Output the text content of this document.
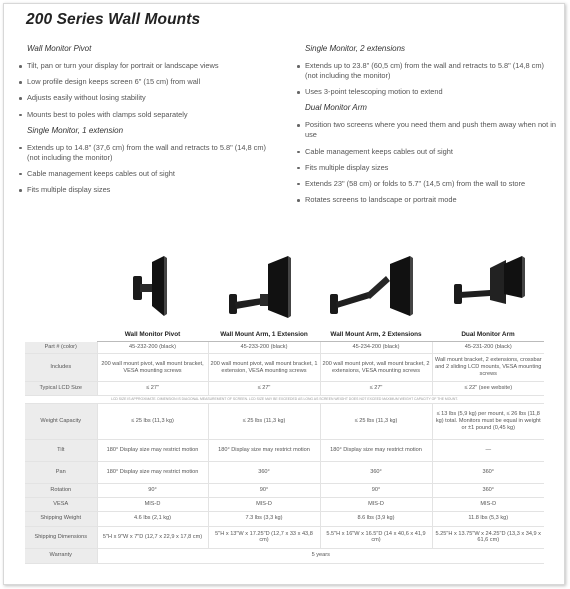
200 Series Wall Mounts
Wall Monitor Pivot
Tilt, pan or turn your display for portrait or landscape views
Low profile design keeps screen 6" (15 cm) from wall
Adjusts easily without losing stability
Mounts best to poles with clamps sold separately
Single Monitor, 1 extension
Extends up to 14.8" (37,6 cm) from the wall and retracts to 5.8" (14,8 cm) (not including the monitor)
Cable management keeps cables out of sight
Fits multiple display sizes
Single Monitor, 2 extensions
Extends up to 23.8" (60,5 cm) from the wall and retracts to 5.8" (14,8 cm) (not including the monitor)
Uses 3-point telescoping motion to extend
Dual Monitor Arm
Position two screens where you need them and push them away when not in use
Cable management keeps cables out of sight
Fits multiple display sizes
Extends 23" (58 cm) or folds to 5.7" (14,5 cm) from the wall to store
Rotates screens to landscape or portrait mode
	Wall Monitor Pivot	Wall Mount Arm, 1 Extension	Wall Mount Arm, 2 Extensions	Dual Monitor Arm
Part # (color)	45-232-200 (black)	45-233-200 (black)	45-234-200 (black)	45-231-200 (black)
Includes	200 wall mount pivot, wall mount bracket, VESA mounting screws	200 wall mount pivot, wall mount bracket, 1 extension, VESA mounting screws	200 wall mount pivot, wall mount bracket, 2 extensions, VESA mounting screws	Wall mount bracket, 2 extensions, crossbar and 2 sliding LCD mounts, VESA mounting screws
Typical LCD Size	≤ 27"	≤ 27"	≤ 27"	≤ 22" (see website)
LCD SIZE IS APPROXIMATE. DIMENSION IS DIAGONAL MEASUREMENT OF SCREEN. LCD SIZE MAY BE EXCEEDED AS LONG AS SCREEN WEIGHT DOES NOT EXCEED MAXIMUM WEIGHT CAPACITY OF THE MOUNT.				
Weight Capacity	≤ 25 lbs (11,3 kg)	≤ 25 lbs (11,3 kg)	≤ 25 lbs (11,3 kg)	≤ 13 lbs (5,9 kg) per mount, ≤ 26 lbs (11,8 kg) total. Monitors must be equal in weight or ±1 pound (0,45 kg)
Tilt	180° Display size may restrict motion	180° Display size may restrict motion	180° Display size may restrict motion	—
Pan	180° Display size may restrict motion	360°	360°	360°
Rotation	90°	90°	90°	360°
VESA	MIS-D	MIS-D	MIS-D	MIS-D
Shipping Weight	4.6 lbs (2,1 kg)	7.3 lbs (3,3 kg)	8.6 lbs (3,9 kg)	11.8 lbs (5,3 kg)
Shipping Dimensions	5"H x 9"W x 7"D (12,7 x 22,9 x 17,8 cm)	5"H x 13"W x 17.25"D (12,7 x 33 x 43,8 cm)	5.5"H x 16"W x 16.5"D (14 x 40,6 x 41,9 cm)	5.25"H x 13.75"W x 24.25"D (13,3 x 34,9 x 61,6 cm)
Warranty	5 years			
